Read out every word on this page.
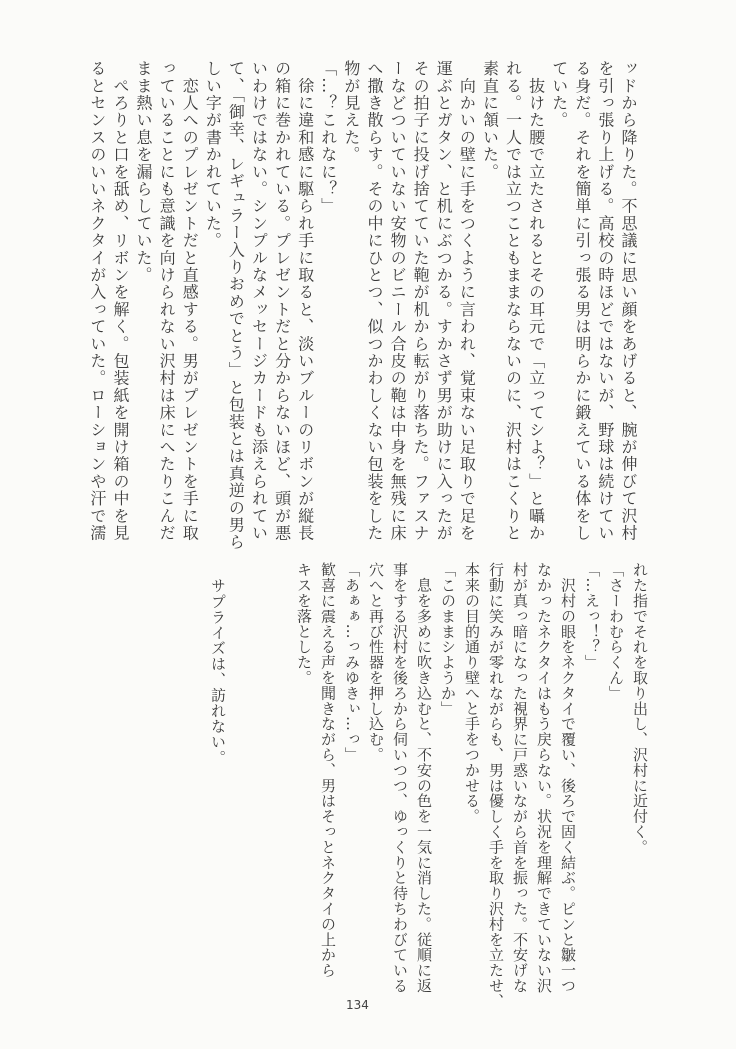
ッドから降りた。不思議に思い顔をあげると、腕が伸びて沢村
を引っ張り上げる。高校の時ほどではないが、野球は続けてい
る身だ。それを簡単に引っ張る男は明らかに鍛えている体をし
ていた。
　抜けた腰で立たされるとその耳元で「立ってシよ？」と囁か
れる。一人では立つこともままならないのに、沢村はこくりと
素直に頷いた。
　向かいの壁に手をつくように言われ、覚束ない足取りで足を
運ぶとガタン、と机にぶつかる。すかさず男が助けに入ったが
その拍子に投げ捨てていた鞄が机から転がり落ちた。ファスナ
ーなどついていない安物のビニール合皮の鞄は中身を無残に床
へ撒き散らす。その中にひとつ、似つかわしくない包装をした
物が見えた。
「…？これなに？」
　徐に違和感に駆られ手に取ると、淡いブルーのリボンが縦長
の箱に巻かれている。プレゼントだと分からないほど、頭が悪
いわけではない。シンプルなメッセージカードも添えられてい
て、「御幸、レギュラー入りおめでとう」と包装とは真逆の男ら
しい字が書かれていた。
　恋人へのプレゼントだと直感する。男がプレゼントを手に取
っていることにも意識を向けられない沢村は床にへたりこんだ
まま熱い息を漏らしていた。
　ぺろりと口を舐め、リボンを解く。包装紙を開け箱の中を見
るとセンスのいいネクタイが入っていた。ローションや汗で濡
れた指でそれを取り出し、沢村に近付く。
「さーわむらくん」
「…えっ！？」
　沢村の眼をネクタイで覆い、後ろで固く結ぶ。ピンと皺一つ
なかったネクタイはもう戻らない。状況を理解できていない沢
村が真っ暗になった視界に戸惑いながら首を振った。不安げな
行動に笑みが零れながらも、男は優しく手を取り沢村を立たせ、
本来の目的通り壁へと手をつかせる。
「このままシようか」
　息を多めに吹き込むと、不安の色を一気に消した。従順に返
事をする沢村を後ろから伺いつつ、ゆっくりと待ちわびている
穴へと再び性器を押し込む。
「あぁぁ…っみゆきぃ…っ」
歓喜に震える声を聞きながら、男はそっとネクタイの上から
キスを落とした。
サプライズは、訪れない。
134
